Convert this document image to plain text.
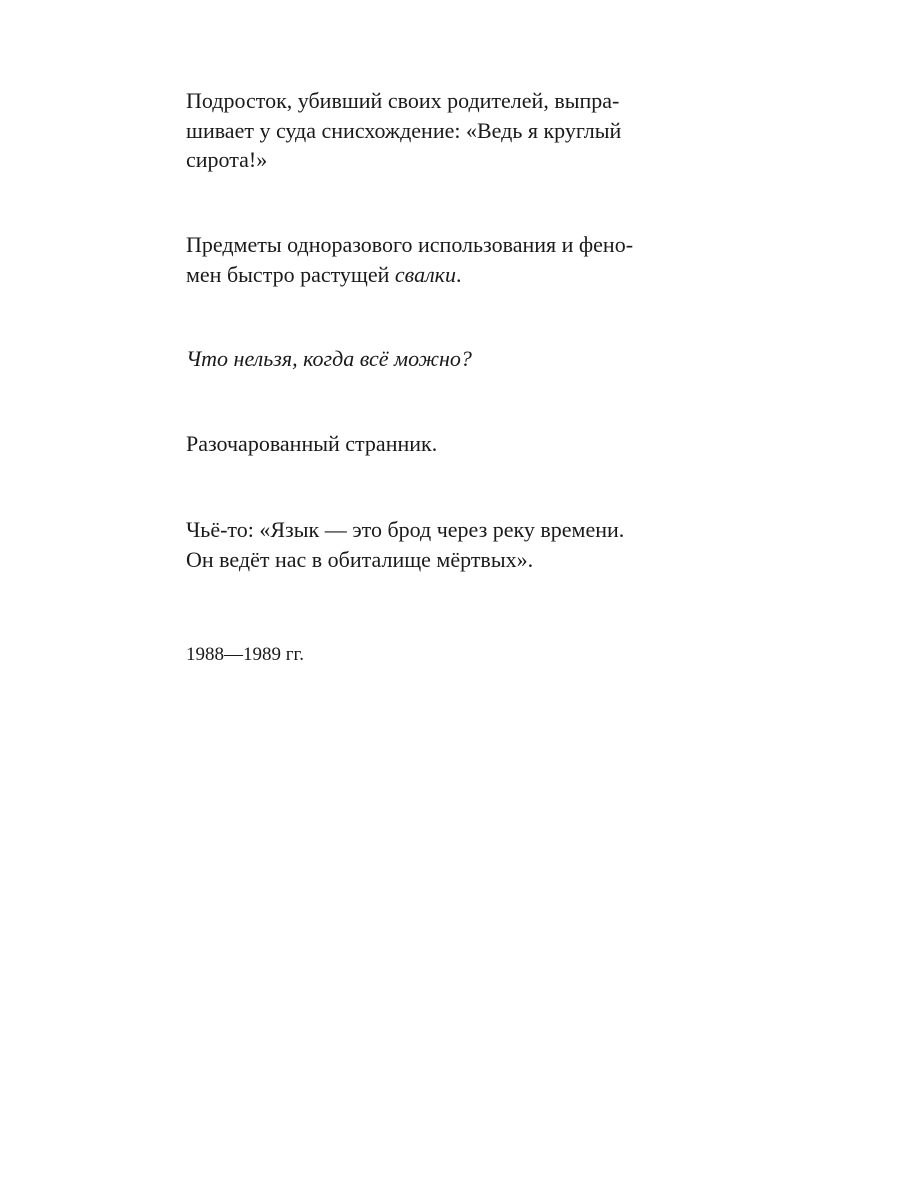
Подросток, убивший своих родителей, выпра-
шивает у суда снисхождение: «Ведь я круглый
сирота!»
Предметы одноразового использования и фено-
мен быстро растущей свалки.
Что нельзя, когда всё можно?
Разочарованный странник.
Чьё-то: «Язык — это брод через реку времени.
Он ведёт нас в обиталище мёртвых».
1988—1989 гг.
